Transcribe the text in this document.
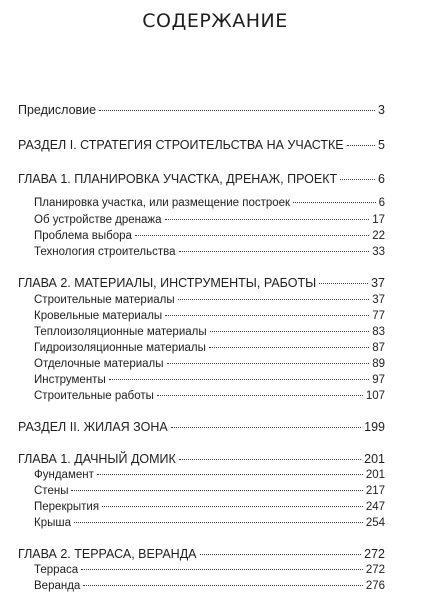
СОДЕРЖАНИЕ
Предисловие	3
РАЗДЕЛ I. СТРАТЕГИЯ СТРОИТЕЛЬСТВА НА УЧАСТКЕ	5
ГЛАВА 1. ПЛАНИРОВКА УЧАСТКА, ДРЕНАЖ, ПРОЕКТ	6
Планировка участка, или размещение построек	6
Об устройстве дренажа	17
Проблема выбора	22
Технология строительства	33
ГЛАВА 2. МАТЕРИАЛЫ, ИНСТРУМЕНТЫ, РАБОТЫ	37
Строительные материалы	37
Кровельные материалы	77
Теплоизоляционные материалы	83
Гидроизоляционные материалы	87
Отделочные материалы	89
Инструменты	97
Строительные работы	107
РАЗДЕЛ II. ЖИЛАЯ ЗОНА	199
ГЛАВА 1. ДАЧНЫЙ ДОМИК	201
Фундамент	201
Стены	217
Перекрытия	247
Крыша	254
ГЛАВА 2. ТЕРРАСА, ВЕРАНДА	272
Терраса	272
Веранда	276
